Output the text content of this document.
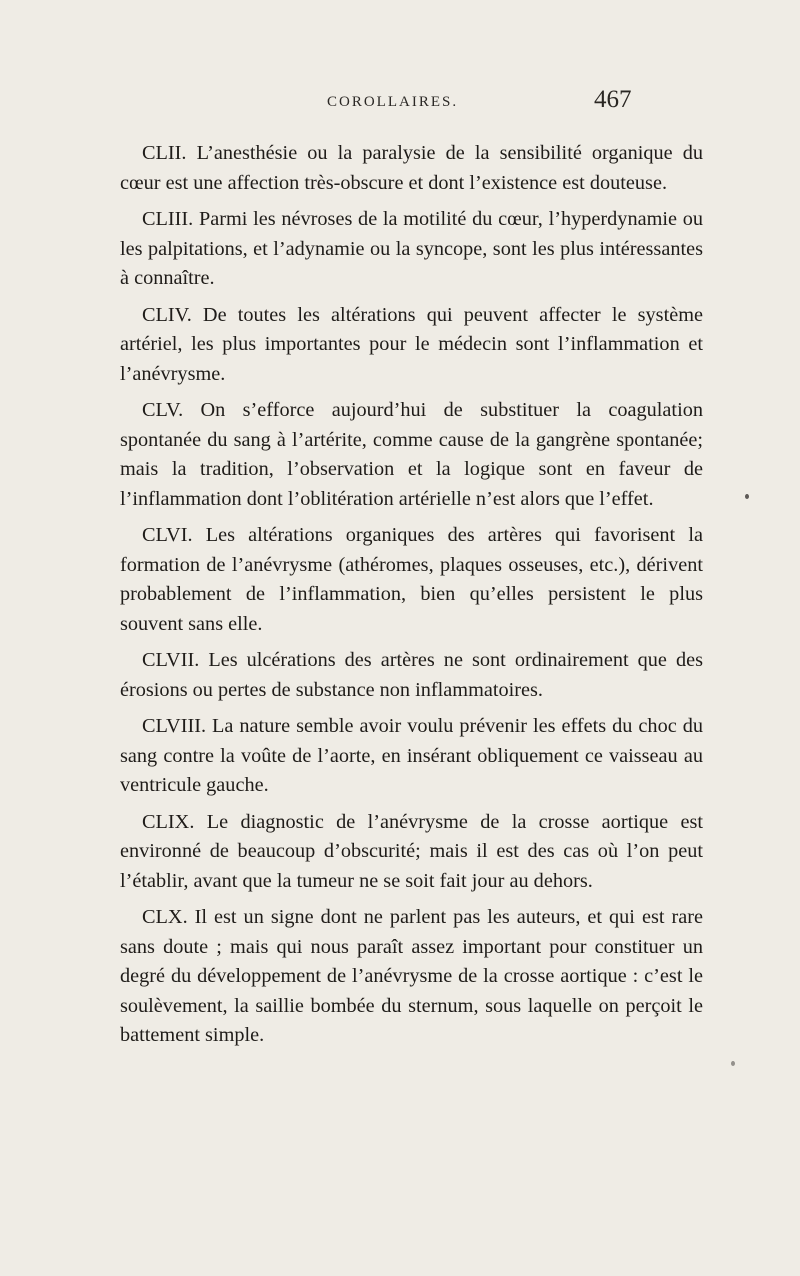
COROLLAIRES.	467

CLII. L’anesthésie ou la paralysie de la sensibilité organique du cœur est une affection très-obscure et dont l’existence est douteuse.

CLIII. Parmi les névroses de la motilité du cœur, l’hyperdynamie ou les palpitations, et l’adynamie ou la syncope, sont les plus intéressantes à connaître.

CLIV. De toutes les altérations qui peuvent affecter le système artériel, les plus importantes pour le médecin sont l’inflammation et l’anévrysme.

CLV. On s’efforce aujourd’hui de substituer la coagulation spontanée du sang à l’artérite, comme cause de la gangrène spontanée; mais la tradition, l’observation et la logique sont en faveur de l’inflammation dont l’oblitération artérielle n’est alors que l’effet.

CLVI. Les altérations organiques des artères qui favorisent la formation de l’anévrysme (athéromes, plaques osseuses, etc.), dérivent probablement de l’inflammation, bien qu’elles persistent le plus souvent sans elle.

CLVII. Les ulcérations des artères ne sont ordinairement que des érosions ou pertes de substance non inflammatoires.

CLVIII. La nature semble avoir voulu prévenir les effets du choc du sang contre la voûte de l’aorte, en insérant obliquement ce vaisseau au ventricule gauche.

CLIX. Le diagnostic de l’anévrysme de la crosse aortique est environné de beaucoup d’obscurité; mais il est des cas où l’on peut l’établir, avant que la tumeur ne se soit fait jour au dehors.

CLX. Il est un signe dont ne parlent pas les auteurs, et qui est rare sans doute ; mais qui nous paraît assez important pour constituer un degré du développement de l’anévrysme de la crosse aortique : c’est le soulèvement, la saillie bombée du sternum, sous laquelle on perçoit le battement simple.
